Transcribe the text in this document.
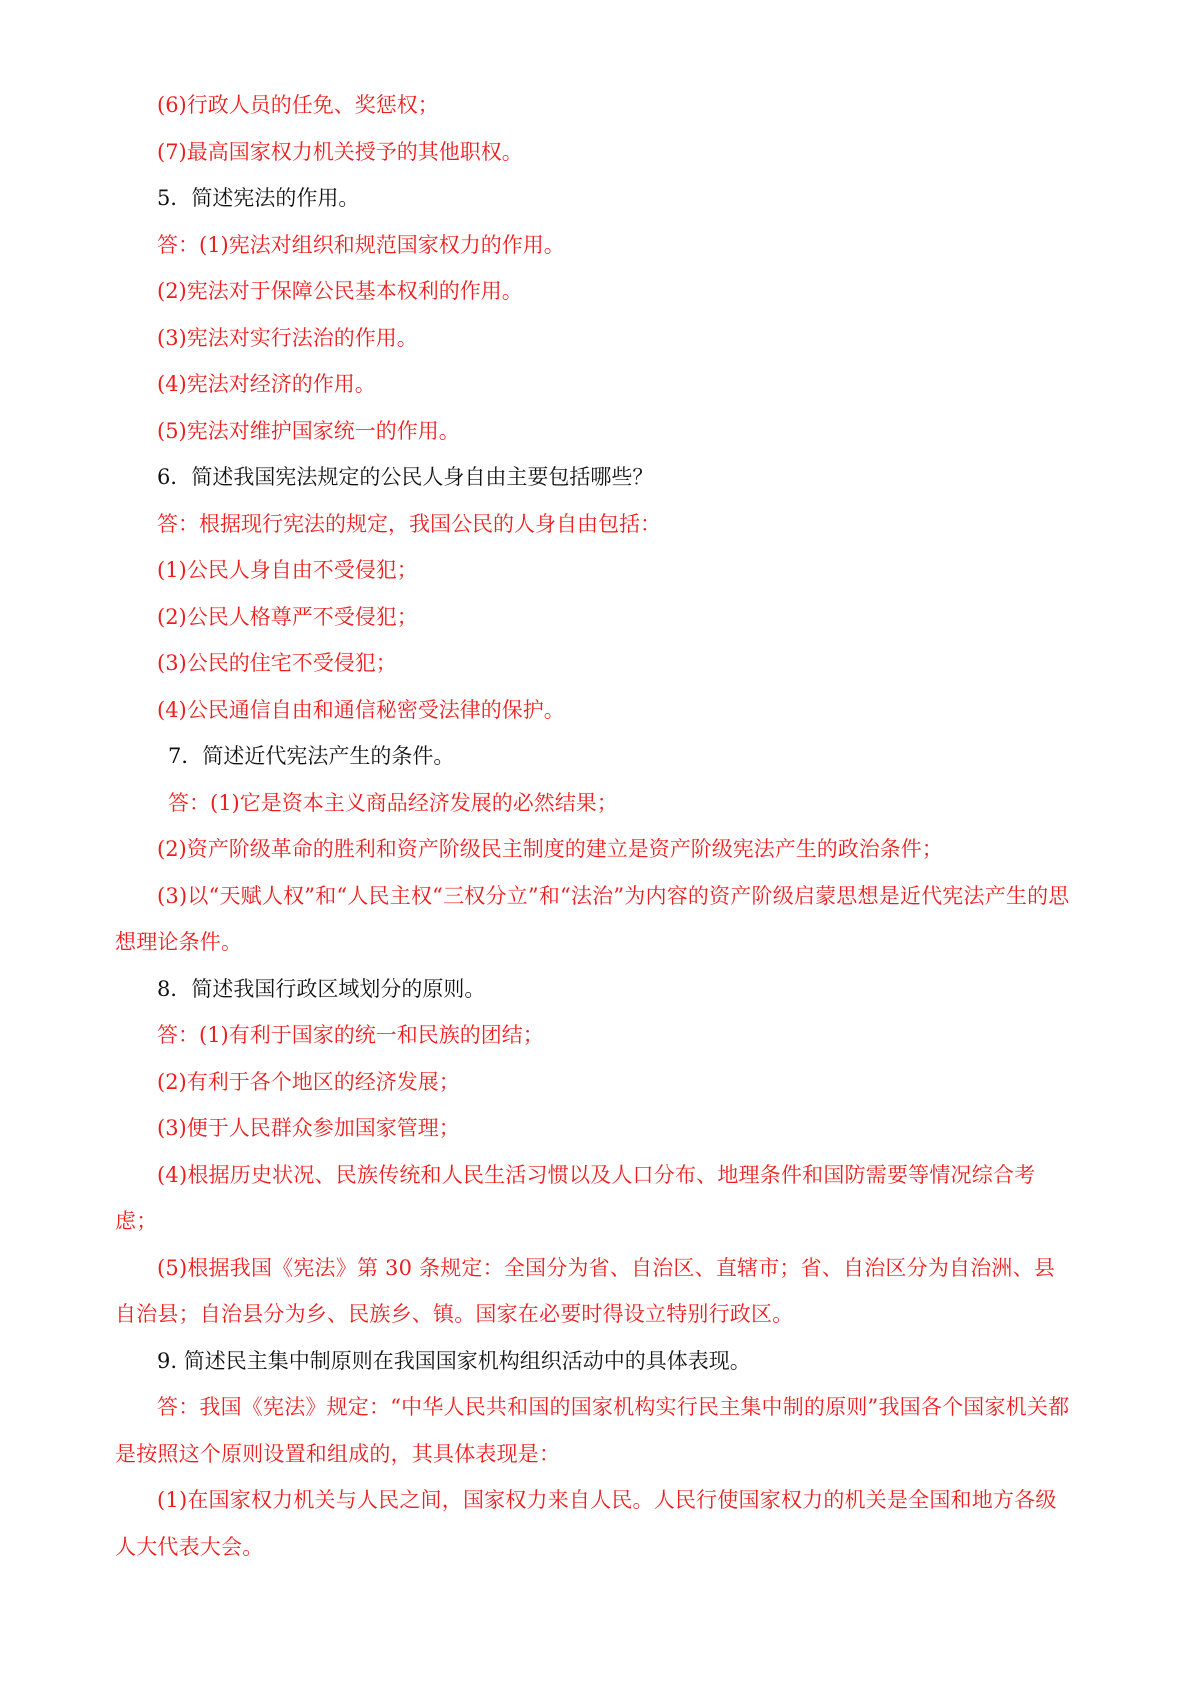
(6)行政人员的任免、奖惩权；
(7)最高国家权力机关授予的其他职权。
5．简述宪法的作用。
答：(1)宪法对组织和规范国家权力的作用。
(2)宪法对于保障公民基本权利的作用。
(3)宪法对实行法治的作用。
(4)宪法对经济的作用。
(5)宪法对维护国家统一的作用。
6．简述我国宪法规定的公民人身自由主要包括哪些？
答：根据现行宪法的规定，我国公民的人身自由包括：
(1)公民人身自由不受侵犯；
(2)公民人格尊严不受侵犯；
(3)公民的住宅不受侵犯；
(4)公民通信自由和通信秘密受法律的保护。
7．简述近代宪法产生的条件。
答：(1)它是资本主义商品经济发展的必然结果；
(2)资产阶级革命的胜利和资产阶级民主制度的建立是资产阶级宪法产生的政治条件；
(3)以“天赋人权”和“人民主权“三权分立”和“法治”为内容的资产阶级启蒙思想是近代宪法产生的思想理论条件。
8．简述我国行政区域划分的原则。
答：(1)有利于国家的统一和民族的团结；
(2)有利于各个地区的经济发展；
(3)便于人民群众参加国家管理；
(4)根据历史状况、民族传统和人民生活习惯以及人口分布、地理条件和国防需要等情况综合考虑；
(5)根据我国《宪法》第 30 条规定：全国分为省、自治区、直辖市；省、自治区分为自治洲、县自治县；自治县分为乡、民族乡、镇。国家在必要时得设立特别行政区。
9. 简述民主集中制原则在我国国家机构组织活动中的具体表现。
答：我国《宪法》规定：“中华人民共和国的国家机构实行民主集中制的原则”我国各个国家机关都是按照这个原则设置和组成的，其具体表现是：
(1)在国家权力机关与人民之间，国家权力来自人民。人民行使国家权力的机关是全国和地方各级人大代表大会。
